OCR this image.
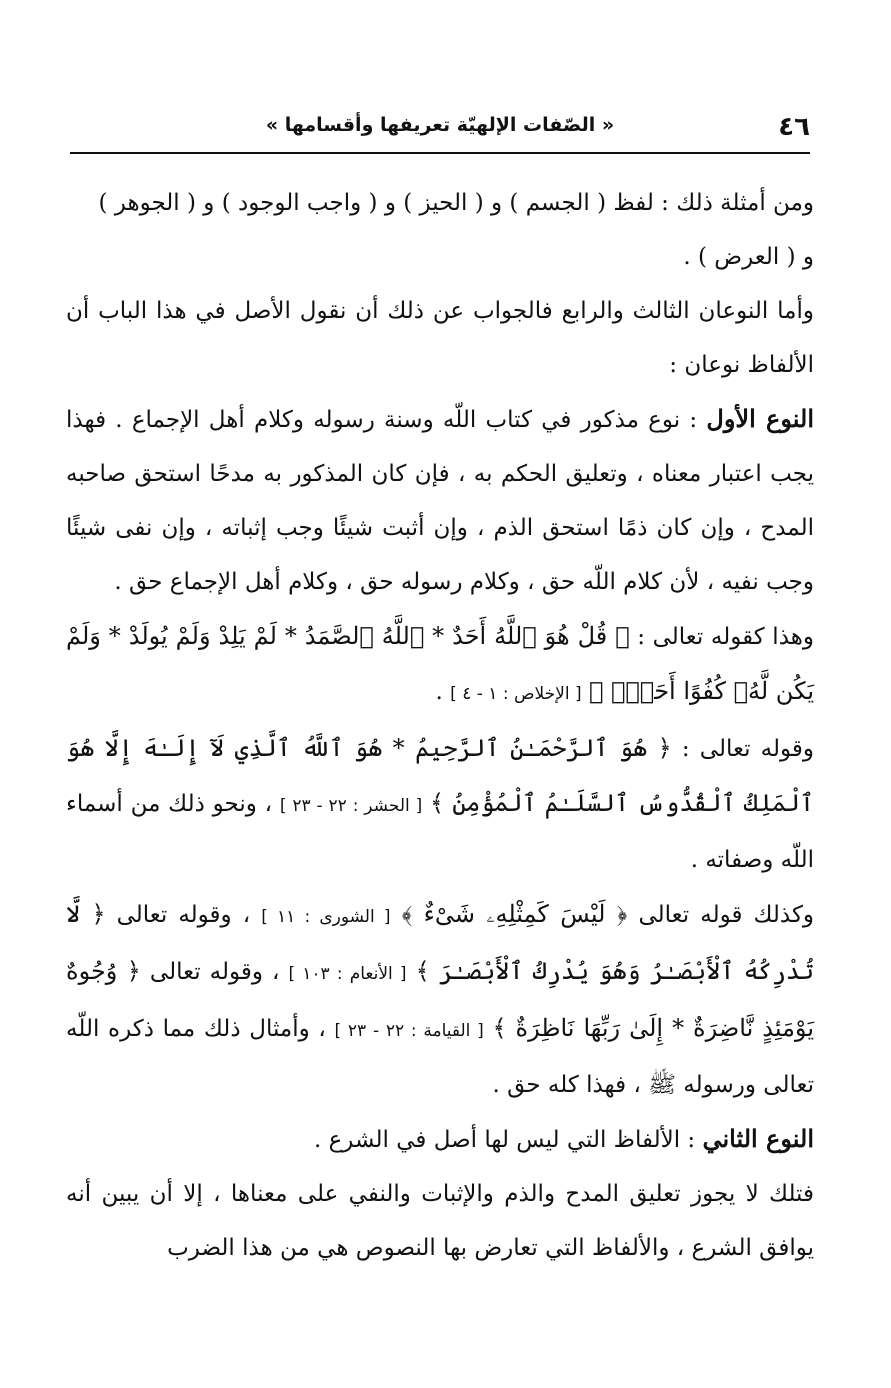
« الصّفات الإلهيّة تعريفها وأقسامها »	٤٦

ومن أمثلة ذلك : لفظ ( الجسم ) و ( الحيز ) و ( واجب الوجود ) و ( الجوهر )
و ( العرض ) .

وأما النوعان الثالث والرابع فالجواب عن ذلك أن نقول الأصل في هذا الباب أن الألفاظ نوعان :

النوع الأول : نوع مذكور في كتاب اللّه وسنة رسوله وكلام أهل الإجماع . فهذا يجب اعتبار معناه ، وتعليق الحكم به ، فإن كان المذكور به مدحًا استحق صاحبه المدح ، وإن كان ذمًا استحق الذم ، وإن أثبت شيئًا وجب إثباته ، وإن نفى شيئًا وجب نفيه ، لأن كلام اللّه حق ، وكلام رسوله حق ، وكلام أهل الإجماع حق .

وهذا كقوله تعالى : ﴿ قُلْ هُوَ ٱللَّهُ أَحَدٌ * ٱللَّهُ ٱلصَّمَدُ * لَمْ يَلِدْ وَلَمْ يُولَدْ * وَلَمْ يَكُن لَّهُۥ كُفُوًا أَحَدٌۢ ﴾ [ الإخلاص : ١ - ٤ ] .

وقوله تعالى : ﴿ هُوَ ٱلرَّحْمَـٰنُ ٱلرَّحِيمُ * هُوَ ٱللَّهُ ٱلَّذِي لَآ إِلَـٰهَ إِلَّا هُوَ ٱلْمَلِكُ ٱلْقُدُّوسُ ٱلسَّلَـٰمُ ٱلْمُؤْمِنُ ﴾ [ الحشر : ٢٢ - ٢٣ ] ، ونحو ذلك من أسماء اللّه وصفاته .

وكذلك قوله تعالى ﴿ لَيْسَ كَمِثْلِهِۦ شَىْءٌ ﴾ [ الشورى : ١١ ] ، وقوله تعالى ﴿ لَّا تُدْرِكُهُ ٱلْأَبْصَـٰرُ وَهُوَ يُدْرِكُ ٱلْأَبْصَـٰرَ ﴾ [ الأنعام : ١٠٣ ] ، وقوله تعالى ﴿ وُجُوهٌ يَوْمَئِذٍ نَّاضِرَةٌ * إِلَىٰ رَبِّهَا نَاظِرَةٌ ﴾ [ القيامة : ٢٢ - ٢٣ ] ، وأمثال ذلك مما ذكره اللّه تعالى ورسوله ﷺ ، فهذا كله حق .

النوع الثاني : الألفاظ التي ليس لها أصل في الشرع .

فتلك لا يجوز تعليق المدح والذم والإثبات والنفي على معناها ، إلا أن يبين أنه يوافق الشرع ، والألفاظ التي تعارض بها النصوص هي من هذا الضرب
